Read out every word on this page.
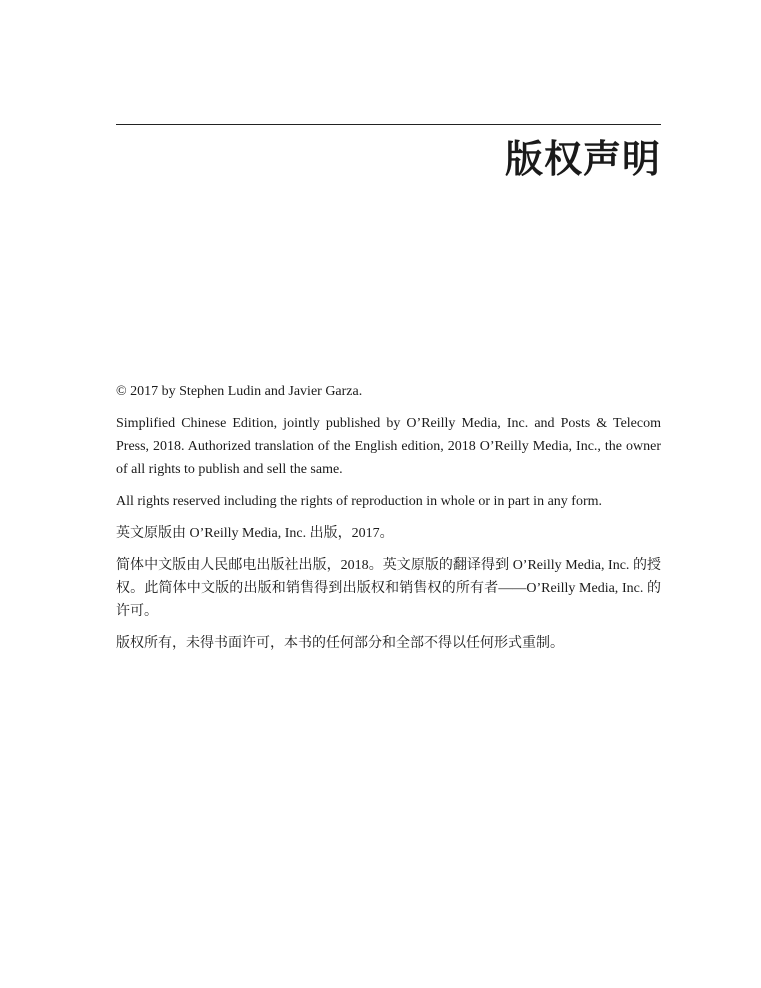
版权声明

© 2017 by Stephen Ludin and Javier Garza.

Simplified Chinese Edition, jointly published by O’Reilly Media, Inc. and Posts & Telecom Press, 2018. Authorized translation of the English edition, 2018 O’Reilly Media, Inc., the owner of all rights to publish and sell the same.

All rights reserved including the rights of reproduction in whole or in part in any form.

英文原版由 O’Reilly Media, Inc. 出版，2017。

简体中文版由人民邮电出版社出版，2018。英文原版的翻译得到 O’Reilly Media, Inc. 的授权。此简体中文版的出版和销售得到出版权和销售权的所有者——O’Reilly Media, Inc. 的许可。

版权所有，未得书面许可，本书的任何部分和全部不得以任何形式重制。
